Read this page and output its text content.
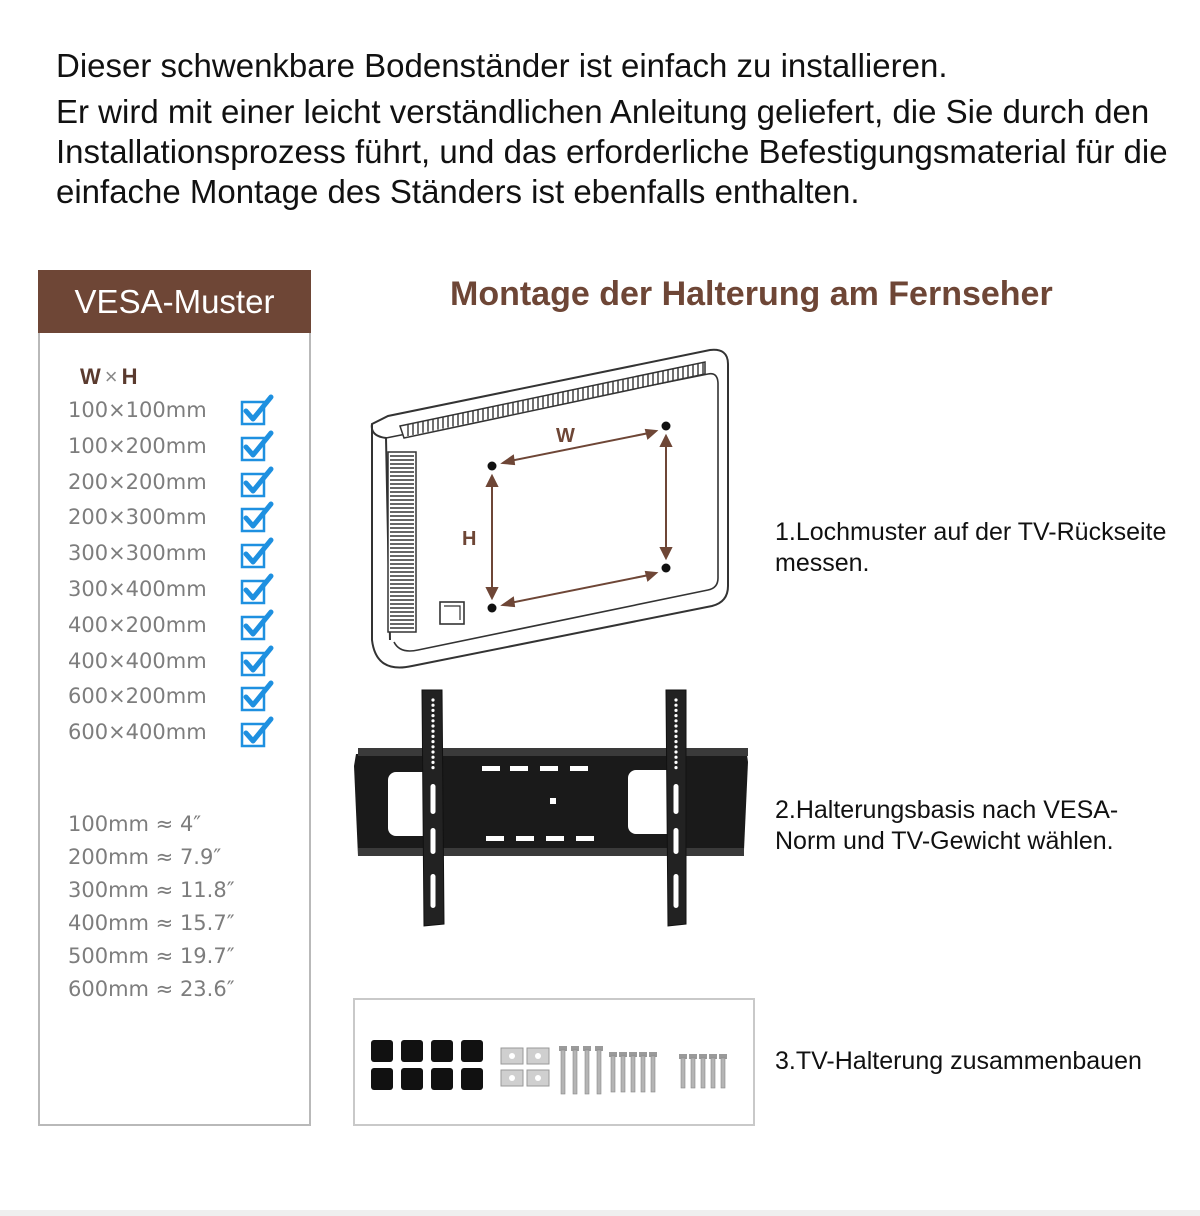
Dieser schwenkbare Bodenständer ist einfach zu installieren.

Er wird mit einer leicht verständlichen Anleitung geliefert, die Sie durch den Installationsprozess führt, und das erforderliche Befestigungsmaterial für die einfache Montage des Ständers ist ebenfalls enthalten.

VESA-Muster
W × H
100×100mm
100×200mm
200×200mm
200×300mm
300×300mm
300×400mm
400×200mm
400×400mm
600×200mm
600×400mm
100mm ≈ 4″
200mm ≈ 7.9″
300mm ≈ 11.8″
400mm ≈ 15.7″
500mm ≈ 19.7″
600mm ≈ 23.6″
Montage der Halterung am Fernseher
W
H	1.Lochmuster auf der TV-Rückseite messen.
2.Halterungsbasis nach VESA-Norm und TV-Gewicht wählen.
3.TV-Halterung zusammenbauen
